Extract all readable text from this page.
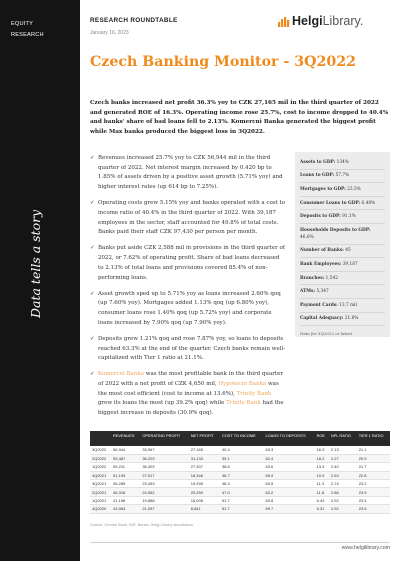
EQUITY
RESEARCH
Data tells a story
RESEARCH ROUNDTABLE
January 16, 2023
HelgiLibrary.
Czech Banking Monitor - 3Q2022
Czech banks increased net profit 36.3% yoy to CZK 27,165 mil in the third quarter of 2022 and generated ROE of 16.3%. Operating income rose 25.7%, cost to income dropped to 40.4% and banks' share of bad loans fell to 2.13%. Komercni Banka generated the biggest profit while Max banka produced the biggest loss in 3Q2022.
✓ Revenues increased 25.7% yoy to CZK 56,944 mil in the third quarter of 2022. Net interest margin increased by 0.420 bp to 1.85% of assets driven by a positive asset growth (5.71% yoy) and higher interest rates (up 614 bp to 7.25%).
✓ Operating costs grew 5.15% yoy and banks operated with a cost to income ratio of 40.4% in the third quarter of 2022. With 39,187 employees in the sector, staff accounted for 49.8% of total costs. Banks paid their staff CZK 97,430 per person per month.
✓ Banks put aside CZK 2,588 mil in provisions in the third quarter of 2022, or 7.62% of operating profit. Share of bad loans decreased to 2.13% of total loans and provisions covered 85.4% of non-performing loans.
✓ Asset growth sped up to 5.71% yoy as loans increased 2.60% qoq (up 7.60% yoy). Mortgages added 1.13% qoq (up 6.80% yoy), consumer loans rose 1.40% qoq (up 5.72% yoy) and corporate loans increased by 7.90% qoq (up 7.90% yoy).
✓ Deposits grew 1.21% qoq and rose 7.87% yoy, so loans to deposits reached 63.3% at the end of the quarter. Czech banks remain well-capitalized with Tier 1 ratio at 21.1%.
✓ Komercni Banka was the most profitable bank in the third quarter of 2022 with a net profit of CZK 4,650 mil, Hypotecni Banka was the most cost efficient (cost to income at 13.6%), Trinity Bank grew its loans the most (up 39.2% qoq) while Trinity Bank had the biggest increase in deposits (30.9% qoq).
Assets to GDP: 134%
Loans to GDP: 57.7%
Mortgages to GDP: 23.5%
Consumer Loans to GDP: 6.48%
Deposits to GDP: 91.1%
Households Deposits to GDP: 46.6%
Number of Banks: 45
Bank Employees: 39,187
Branches: 1,542
ATMs: 5,347
Payment Cards: 13.7 mil
Capital Adequacy: 21.8%
Data for 3Q2022 or latest
	REVENUES	OPERATING PROFIT	NET PROFIT	COST TO INCOME	LOANS TO DEPOSITS	ROE	NPL RATIO	TIER 1 RATIO
3Q2022	56,944	33,967	27,165	40.4	63.3	16.3	2.13	21.1
2Q2022	59,487	36,203	31,133	39.1	62.4	18.2	2.27	20.9
1Q2022	59,211	36,303	27,307	38.6	63.6	13.3	2.40	21.7
4Q2021	51,193	27,517	18,346	46.7	65.9	10.9	2.53	22.8
3Q2021	45,285	23,453	19,935	48.3	63.5	11.3	2.74	23.2
2Q2021	46,318	24,552	20,259	47.0	63.2	11.8	2.86	23.9
1Q2021	41,198	19,888	16,005	51.7	63.8	6.43	2.92	23.4
4Q2020	43,563	21,057	8,841	51.7	69.7	5.31	2.92	23.6
Source: Central Bank, IMF, Banks, Helgi Library simulations
www.helgilibrary.com
